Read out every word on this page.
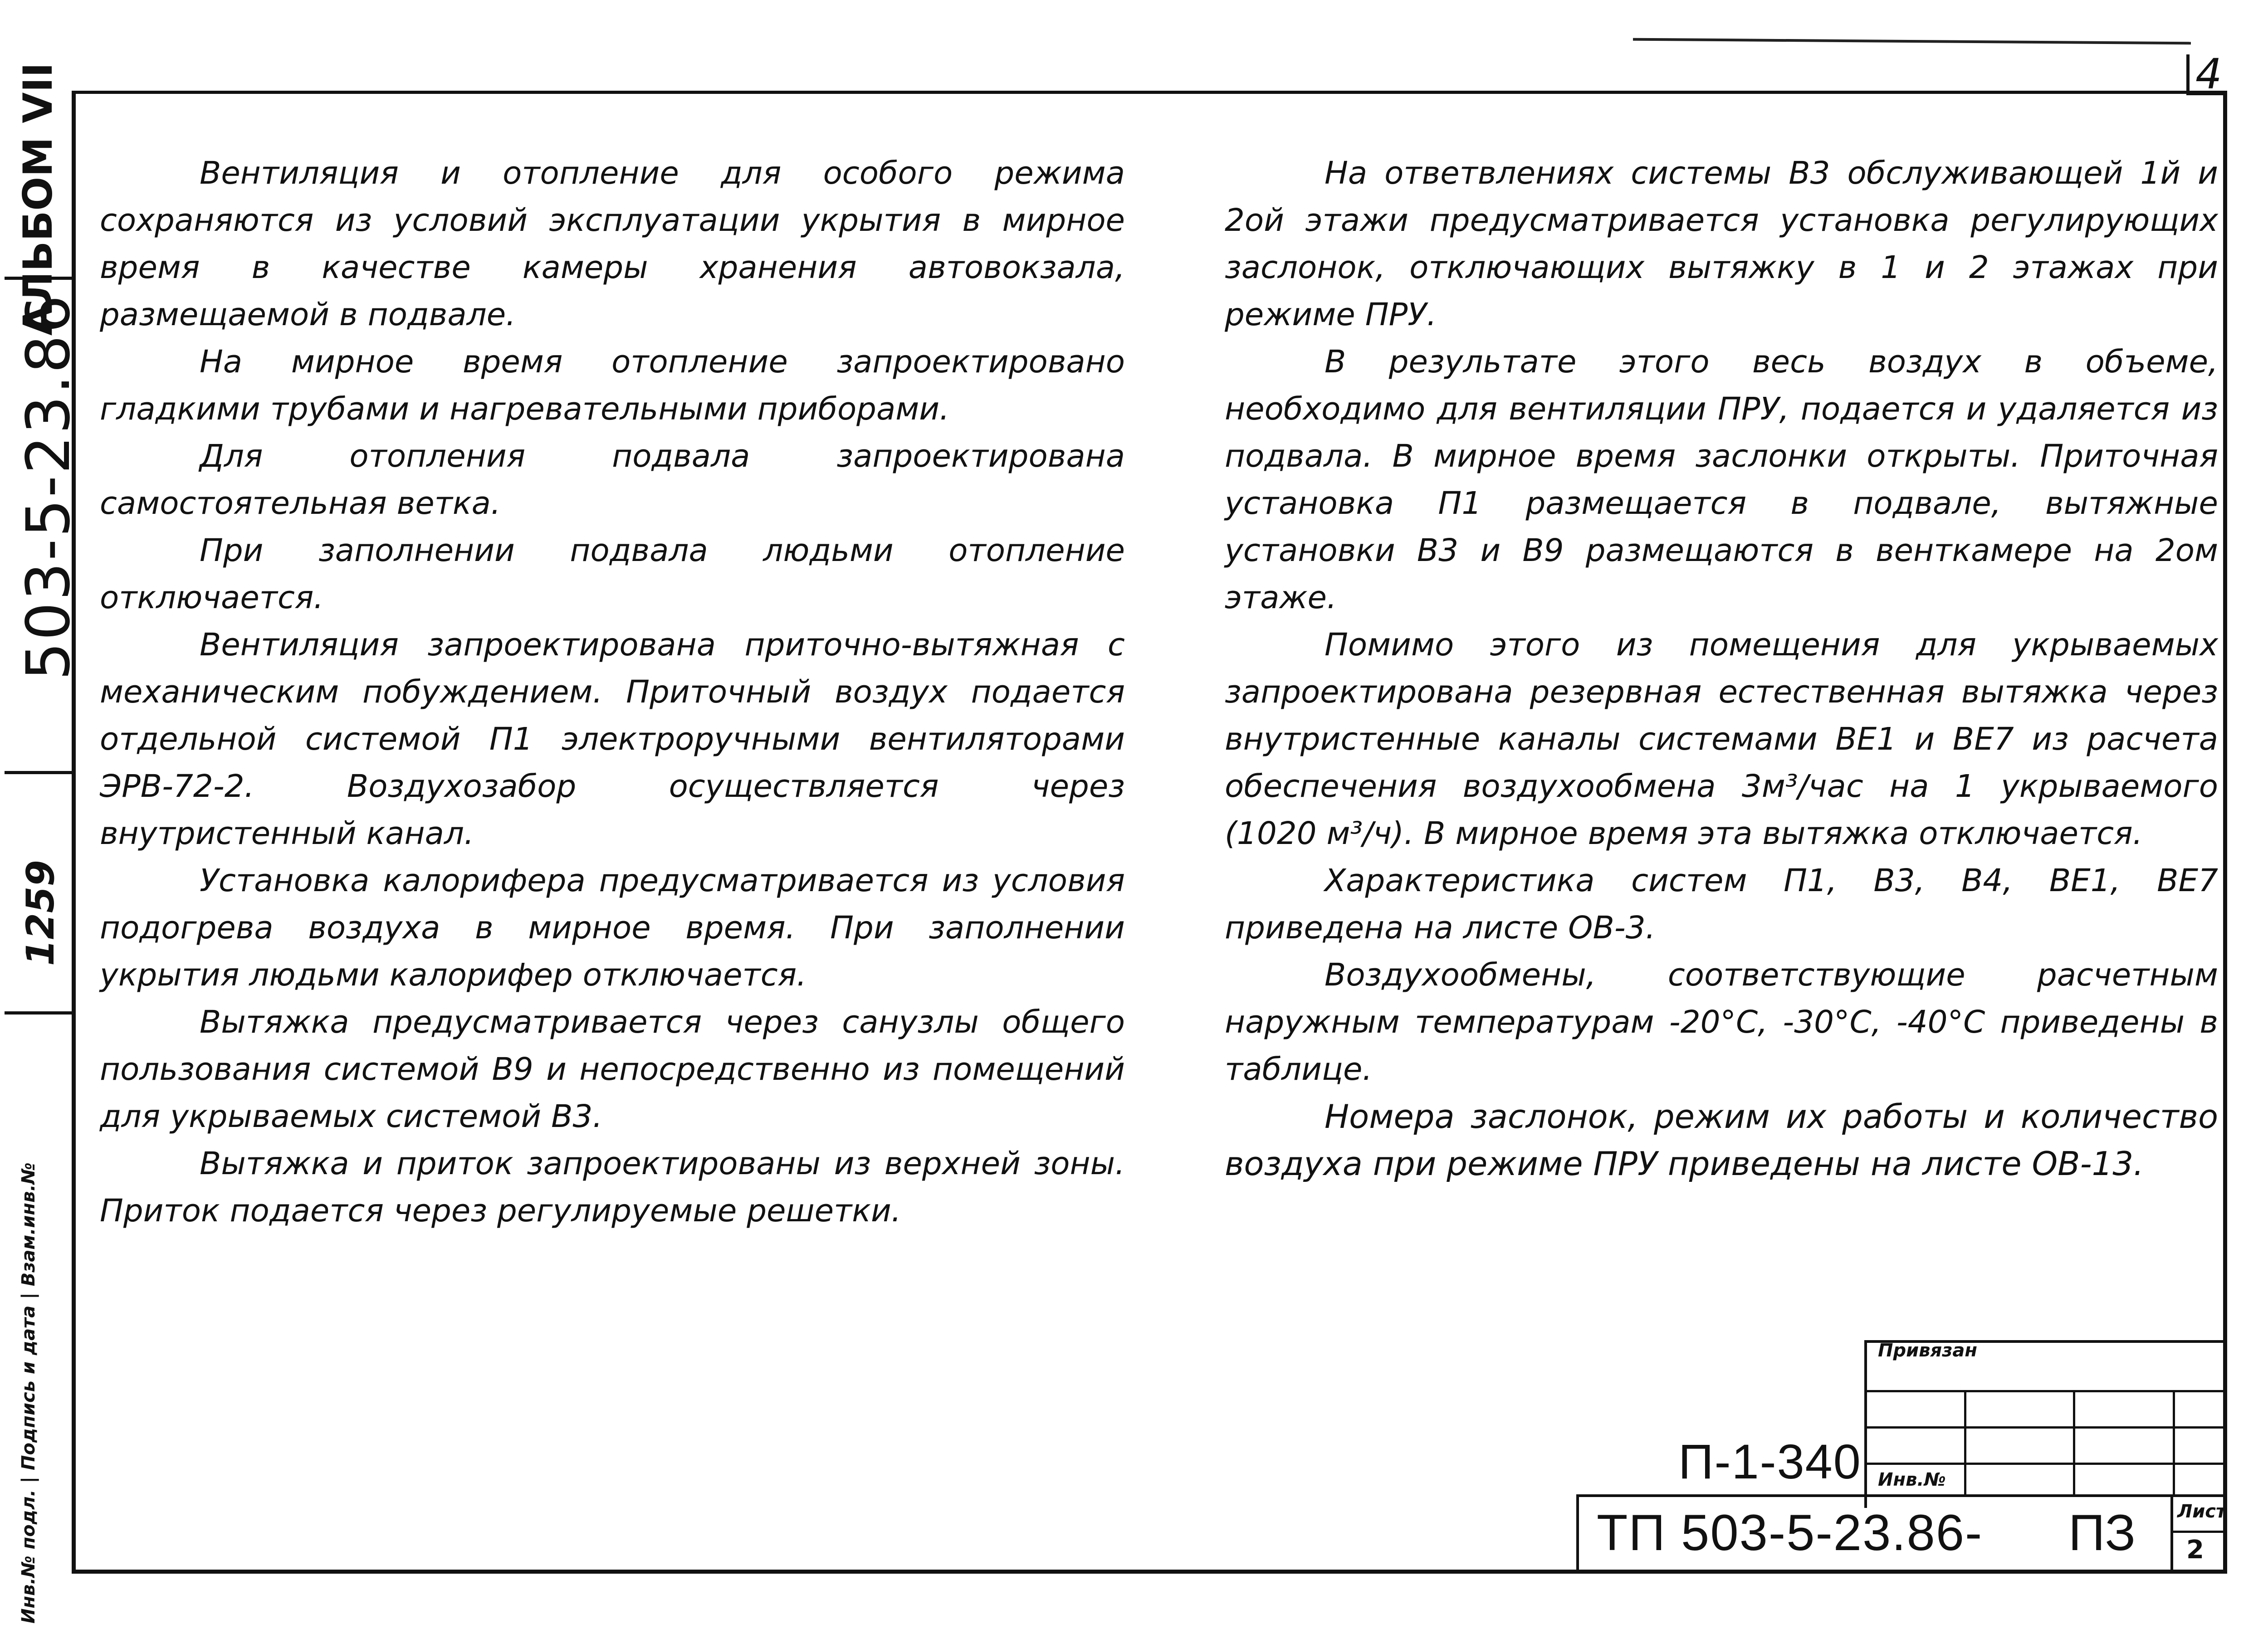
4
АЛЬБОМ VII
503-5-23.86
1259
Инв.№ подл. | Подпись и дата | Взам.инв.№

Вентиляция и отопление для особого режима сохраняются из условий эксплуатации укрытия в мирное время в качестве камеры хранения автовокзала, размещаемой в подвале.

На мирное время отопление запроектировано гладкими трубами и нагревательными приборами.

Для отопления подвала запроектирована самостоятельная ветка.

При заполнении подвала людьми отопление отключается.

Вентиляция запроектирована приточно-вытяжная с механическим побуждением. Приточный воздух подается отдельной системой П1 электроручными вентиляторами ЭРВ-72-2. Воздухозабор осуществляется через внутристенный канал.

Установка калорифера предусматривается из условия подогрева воздуха в мирное время. При заполнении укрытия людьми калорифер отключается.

Вытяжка предусматривается через санузлы общего пользования системой В9 и непосредственно из помещений для укрываемых системой В3.

Вытяжка и приток запроектированы из верхней зоны. Приток подается через регулируемые решетки.

На ответвлениях системы В3 обслуживающей 1й и 2ой этажи предусматривается установка регулирующих заслонок, отключающих вытяжку в 1 и 2 этажах при режиме ПРУ.

В результате этого весь воздух в объеме, необходимо для вентиляции ПРУ, подается и удаляется из подвала. В мирное время заслонки открыты. Приточная установка П1 размещается в подвале, вытяжные установки В3 и В9 размещаются в венткамере на 2ом этаже.

Помимо этого из помещения для укрываемых запроектирована резервная естественная вытяжка через внутристенные каналы системами ВЕ1 и ВЕ7 из расчета обеспечения воздухообмена 3м³/час на 1 укрываемого (1020 м³/ч). В мирное время эта вытяжка отключается.

Характеристика систем П1, В3, В4, ВЕ1, ВЕ7 приведена на листе ОВ-3.

Воздухообмены, соответствующие расчетным наружным температурам -20°С, -30°С, -40°С приведены в таблице.

Номера заслонок, режим их работы и количество воздуха при режиме ПРУ приведены на листе ОВ-13.

Привязан
Инв.№
П-1-340
ТП 503-5-23.86- ПЗ Лист
2
